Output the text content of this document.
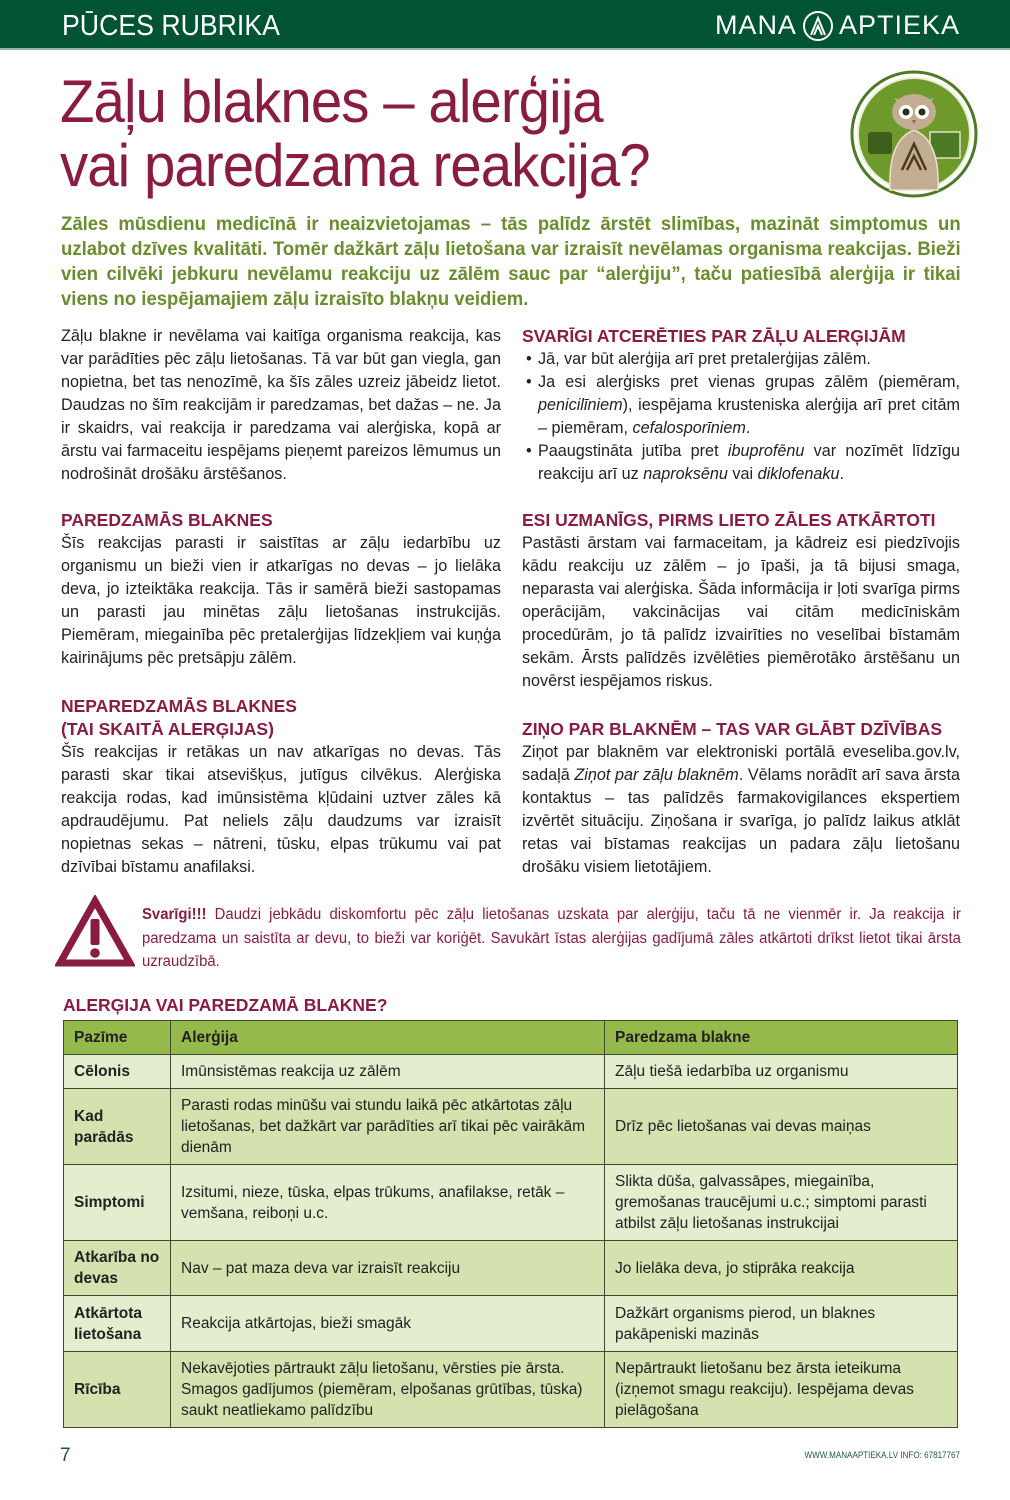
PŪCES RUBRIKA	MANA APTIEKA
Zāļu blaknes – alerģija
vai paredzama reakcija?
Zāles mūsdienu medicīnā ir neaizvietojamas – tās palīdz ārstēt slimības, mazināt simptomus un uzlabot dzīves kvalitāti. Tomēr dažkārt zāļu lietošana var izraisīt nevēlamas organisma reakcijas. Bieži vien cilvēki jebkuru nevēlamu reakciju uz zālēm sauc par “alerģiju”, taču patiesībā alerģija ir tikai viens no iespējamajiem zāļu izraisīto blakņu veidiem.

Zāļu blakne ir nevēlama vai kaitīga organisma reakcija, kas var parādīties pēc zāļu lietošanas. Tā var būt gan viegla, gan nopietna, bet tas nenozīmē, ka šīs zāles uzreiz jābeidz lietot. Daudzas no šīm reakcijām ir paredzamas, bet dažas – ne. Ja ir skaidrs, vai reakcija ir paredzama vai alerģiska, kopā ar ārstu vai farmaceitu iespējams pieņemt pareizos lēmumus un nodrošināt drošāku ārstēšanos.

PAREDZAMĀS BLAKNES

Šīs reakcijas parasti ir saistītas ar zāļu iedarbību uz organismu un bieži vien ir atkarīgas no devas – jo lielāka deva, jo izteiktāka reakcija. Tās ir samērā bieži sastopamas un parasti jau minētas zāļu lietošanas instrukcijās. Piemēram, miegainība pēc pretalerģijas līdzekļiem vai kuņģa kairinājums pēc pretsāpju zālēm.

NEPAREDZAMĀS BLAKNES
(TAI SKAITĀ ALERĢIJAS)

Šīs reakcijas ir retākas un nav atkarīgas no devas. Tās parasti skar tikai atsevišķus, jutīgus cilvēkus. Alerģiska reakcija rodas, kad imūnsistēma kļūdaini uztver zāles kā apdraudējumu. Pat neliels zāļu daudzums var izraisīt nopietnas sekas – nātreni, tūsku, elpas trūkumu vai pat dzīvībai bīstamu anafilaksi.

SVARĪGI ATCERĒTIES PAR ZĀĻU ALERĢIJĀM
• Jā, var būt alerģija arī pret pretalerģijas zālēm.
• Ja esi alerģisks pret vienas grupas zālēm (piemēram, penicilīniem), iespējama krusteniska alerģija arī pret citām – piemēram, cefalosporīniem.
• Paaugstināta jutība pret ibuprofēnu var nozīmēt līdzīgu reakciju arī uz naproksēnu vai diklofenaku.
ESI UZMANĪGS, PIRMS LIETO ZĀLES ATKĀRTOTI

Pastāsti ārstam vai farmaceitam, ja kādreiz esi piedzīvojis kādu reakciju uz zālēm – jo īpaši, ja tā bijusi smaga, neparasta vai alerģiska. Šāda informācija ir ļoti svarīga pirms operācijām, vakcinācijas vai citām medicīniskām procedūrām, jo tā palīdz izvairīties no veselībai bīstamām sekām. Ārsts palīdzēs izvēlēties piemērotāko ārstēšanu un novērst iespējamos riskus.

ZIŅO PAR BLAKNĒM – TAS VAR GLĀBT DZĪVĪBAS

Ziņot par blaknēm var elektroniski portālā eveseliba.gov.lv, sadaļā Ziņot par zāļu blaknēm. Vēlams norādīt arī sava ārsta kontaktus – tas palīdzēs farmakovigilances ekspertiem izvērtēt situāciju. Ziņošana ir svarīga, jo palīdz laikus atklāt retas vai bīstamas reakcijas un padara zāļu lietošanu drošāku visiem lietotājiem.

Svarīgi!!! Daudzi jebkādu diskomfortu pēc zāļu lietošanas uzskata par alerģiju, taču tā ne vienmēr ir. Ja reakcija ir paredzama un saistīta ar devu, to bieži var koriģēt. Savukārt īstas alerģijas gadījumā zāles atkārtoti drīkst lietot tikai ārsta uzraudzībā.
ALERĢIJA VAI PAREDZAMĀ BLAKNE?
Pazīme	Alerģija	Paredzama blakne
Cēlonis	Imūnsistēmas reakcija uz zālēm	Zāļu tiešā iedarbība uz organismu
Kad parādās	Parasti rodas minūšu vai stundu laikā pēc atkārtotas zāļu lietošanas, bet dažkārt var parādīties arī tikai pēc vairākām dienām	Drīz pēc lietošanas vai devas maiņas
Simptomi	Izsitumi, nieze, tūska, elpas trūkums, anafilakse, retāk – vemšana, reiboņi u.c.	Slikta dūša, galvassāpes, miegainība, gremošanas traucējumi u.c.; simptomi parasti atbilst zāļu lietošanas instrukcijai
Atkarība no devas	Nav – pat maza deva var izraisīt reakciju	Jo lielāka deva, jo stiprāka reakcija
Atkārtota lietošana	Reakcija atkārtojas, bieži smagāk	Dažkārt organisms pierod, un blaknes pakāpeniski mazinās
Rīcība	Nekavējoties pārtraukt zāļu lietošanu, vērsties pie ārsta. Smagos gadījumos (piemēram, elpošanas grūtības, tūska) saukt neatliekamo palīdzību	Nepārtraukt lietošanu bez ārsta ieteikuma (izņemot smagu reakciju). Iespējama devas pielāgošana
7	WWW.MANAAPTIEKA.LV INFO: 67817767
